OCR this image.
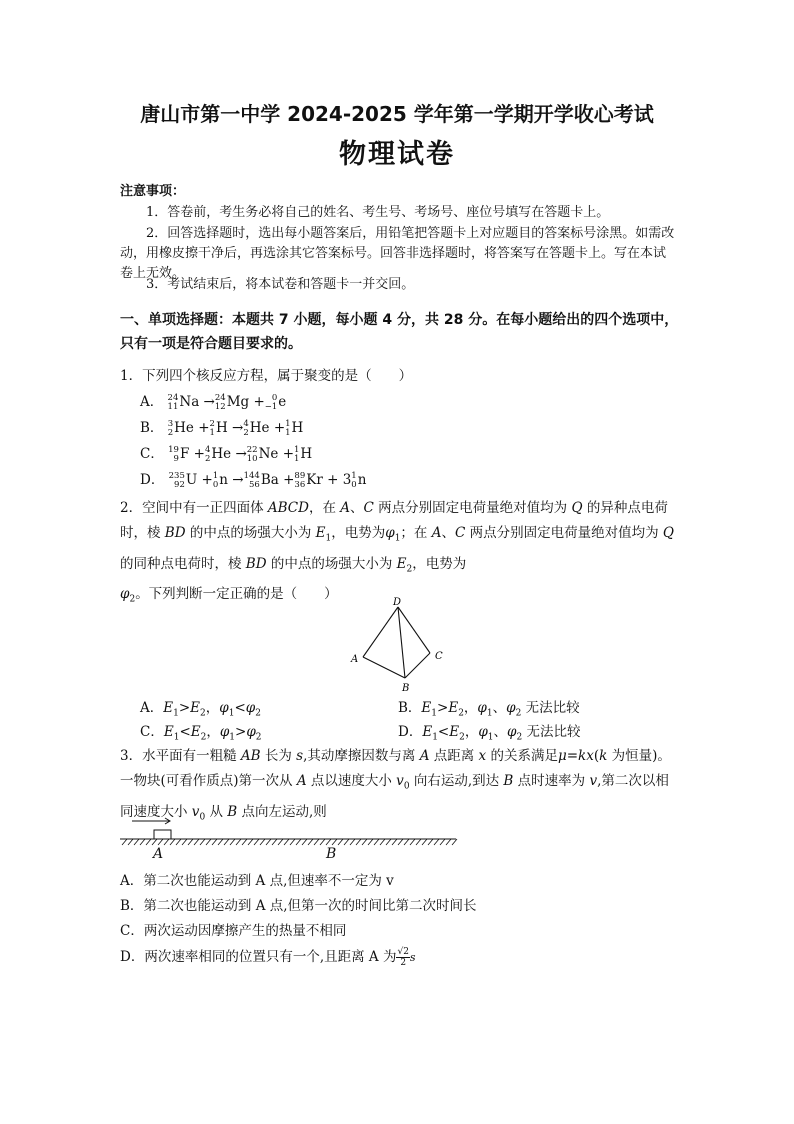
唐山市第一中学 2024-2025 学年第一学期开学收心考试
物理试卷
注意事项：
1．答卷前，考生务必将自己的姓名、考生号、考场号、座位号填写在答题卡上。
2．回答选择题时，选出每小题答案后，用铅笔把答题卡上对应题目的答案标号涂黑。如需改动，用橡皮擦干净后，再选涂其它答案标号。回答非选择题时，将答案写在答题卡上。写在本试卷上无效。
3．考试结束后，将本试卷和答题卡一并交回。
一、单项选择题：本题共 7 小题，每小题 4 分，共 28 分。在每小题给出的四个选项中，只有一项是符合题目要求的。
1．下列四个核反应方程，属于聚变的是（　　）
A． 24
11 Na → 24
12 Mg + 0
−1 e
B． 3
2 He + 2
1 H → 4
2 He + 1
1 H
C． 19
9 F + 4
2 He → 22
10 Ne + 1
1 H
D． 235
92 U + 1
0 n → 144
56 Ba + 89
36 Kr + 3 1
0 n
2．空间中有一正四面体 ABCD，在 A、C 两点分别固定电荷量绝对值均为 Q 的异种点电荷时，棱 BD 的中点的场强大小为 $E_1$，电势为$\varphi_1$；在 A、C 两点分别固定电荷量绝对值均为 Q 的同种点电荷时，棱 BD 的中点的场强大小为 $E_2$，电势为$\varphi_2$。下列判断一定正确的是（　　）
D
A	C
B
A．$E_1>E_2$，$\varphi_1<\varphi_2$	B．$E_1>E_2$，$\varphi_1$、$\varphi_2$ 无法比较
C．$E_1<E_2$，$\varphi_1>\varphi_2$	D．$E_1<E_2$，$\varphi_1$、$\varphi_2$ 无法比较
3．水平面有一粗糙 AB 长为 s,其动摩擦因数与离 A 点距离 x 的关系满足μ=kx(k 为恒量)。一物块(可看作质点)第一次从 A 点以速度大小 $v_0$ 向右运动,到达 B 点时速率为 v,第二次以相同速度大小 $v_0$ 从 B 点向左运动,则
A	B
A．第二次也能运动到 A 点,但速率不一定为 v
B．第二次也能运动到 A 点,但第一次的时间比第二次时间长
C．两次运动因摩擦产生的热量不相同
D．两次速率相同的位置只有一个,且距离 A 为 $\frac{√2}{2}$ s
